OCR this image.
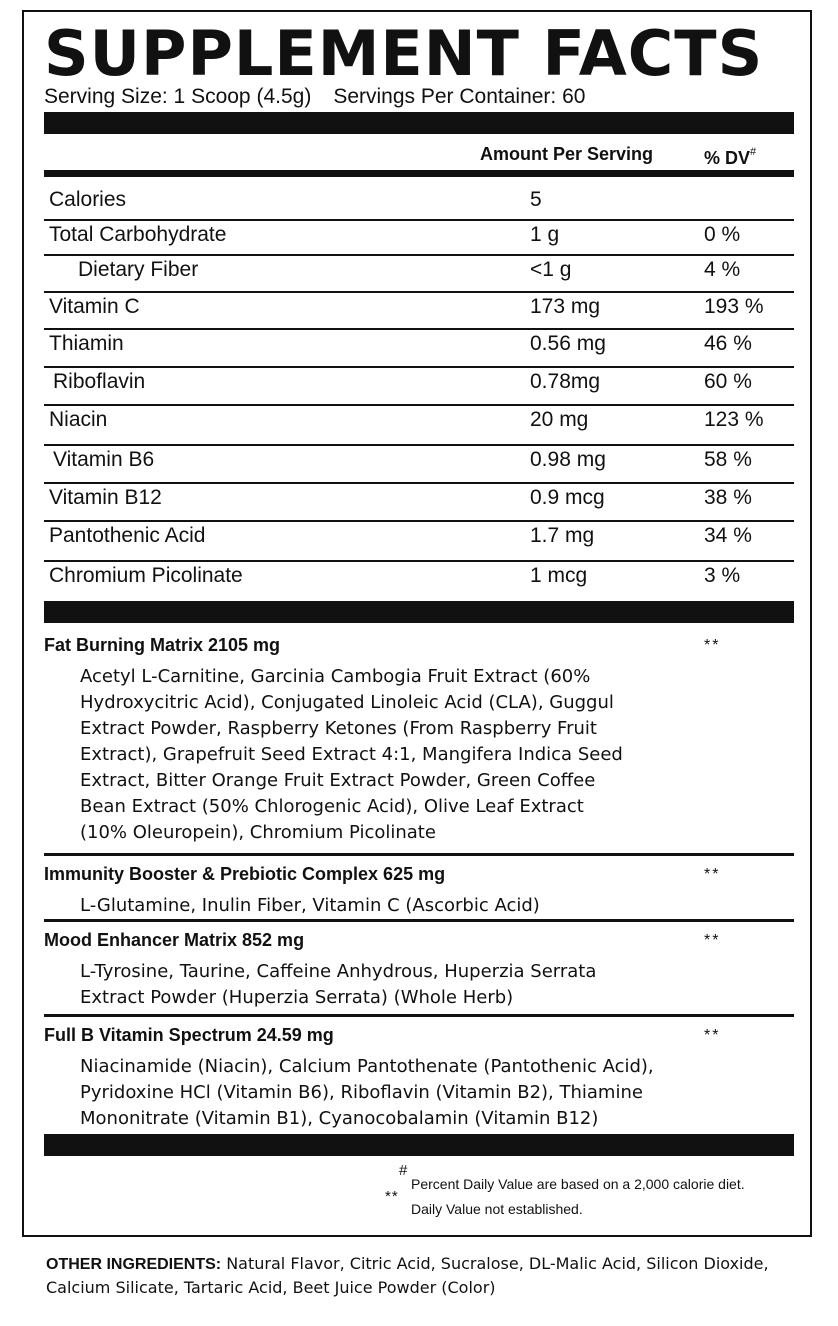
SUPPLEMENT FACTS
Serving Size: 1 Scoop (4.5g) Servings Per Container: 60
Amount Per Serving	% DV#
Calories	5
Total Carbohydrate	1 g	0 %
Dietary Fiber	<1 g	4 %
Vitamin C	173 mg	193 %
Thiamin	0.56 mg	46 %
Riboflavin	0.78mg	60 %
Niacin	20 mg	123 %
Vitamin B6	0.98 mg	58 %
Vitamin B12	0.9 mcg	38 %
Pantothenic Acid	1.7 mg	34 %
Chromium Picolinate	1 mcg	3 %
Fat Burning Matrix 2105 mg	**
Acetyl L-Carnitine, Garcinia Cambogia Fruit Extract (60%
Hydroxycitric Acid), Conjugated Linoleic Acid (CLA), Guggul
Extract Powder, Raspberry Ketones (From Raspberry Fruit
Extract), Grapefruit Seed Extract 4:1, Mangifera Indica Seed
Extract, Bitter Orange Fruit Extract Powder, Green Coffee
Bean Extract (50% Chlorogenic Acid), Olive Leaf Extract
(10% Oleuropein), Chromium Picolinate
Immunity Booster & Prebiotic Complex 625 mg	**
L-Glutamine, Inulin Fiber, Vitamin C (Ascorbic Acid)
Mood Enhancer Matrix 852 mg	**
L-Tyrosine, Taurine, Caffeine Anhydrous, Huperzia Serrata
Extract Powder (Huperzia Serrata) (Whole Herb)
Full B Vitamin Spectrum 24.59 mg	**
Niacinamide (Niacin), Calcium Pantothenate (Pantothenic Acid),
Pyridoxine HCl (Vitamin B6), Riboflavin (Vitamin B2), Thiamine
Mononitrate (Vitamin B1), Cyanocobalamin (Vitamin B12)
#
Percent Daily Value are based on a 2,000 calorie diet.
**
Daily Value not established.
OTHER INGREDIENTS: Natural Flavor, Citric Acid, Sucralose, DL-Malic Acid, Silicon Dioxide, Calcium Silicate, Tartaric Acid, Beet Juice Powder (Color)
